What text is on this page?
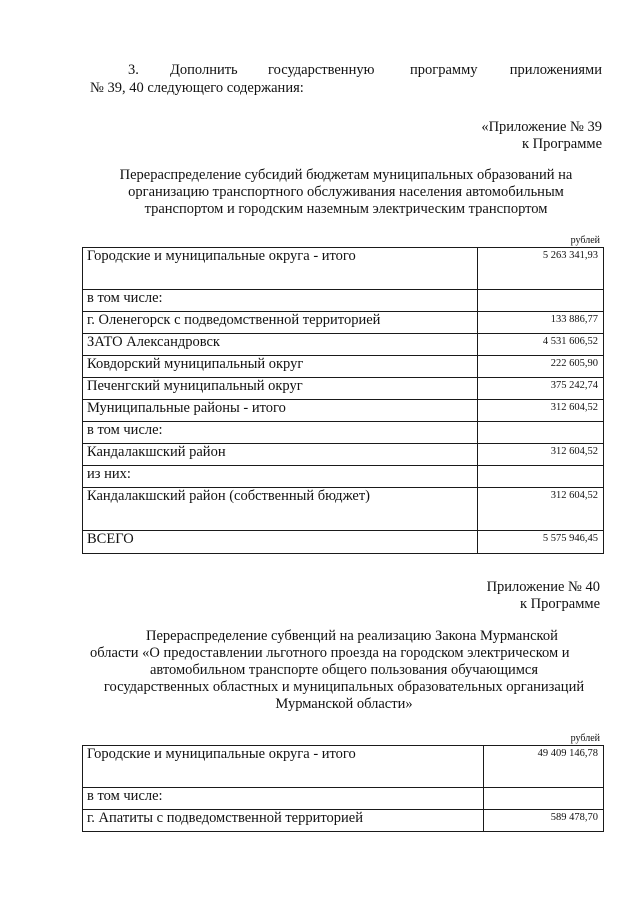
3. Дополнить государственную программу приложениями
№ 39, 40 следующего содержания:
«Приложение № 39
к Программе
Перераспределение субсидий бюджетам муниципальных образований на
организацию транспортного обслуживания населения автомобильным
транспортом и городским наземным электрическим транспортом
рублей
Городские и муниципальные округа - итого	5 263 341,93
в том числе:	
г. Оленегорск с подведомственной территорией	133 886,77
ЗАТО Александровск	4 531 606,52
Ковдорский муниципальный округ	222 605,90
Печенгский муниципальный округ	375 242,74
Муниципальные районы - итого	312 604,52
в том числе:	
Кандалакшский район	312 604,52
из них:	
Кандалакшский район (собственный бюджет)	312 604,52
ВСЕГО	5 575 946,45
Приложение № 40
к Программе
Перераспределение субвенций на реализацию Закона Мурманской
области «О предоставлении льготного проезда на городском электрическом и
автомобильном транспорте общего пользования обучающимся
государственных областных и муниципальных образовательных организаций
Мурманской области»
рублей
Городские и муниципальные округа - итого	49 409 146,78
в том числе:	
г. Апатиты с подведомственной территорией	589 478,70
